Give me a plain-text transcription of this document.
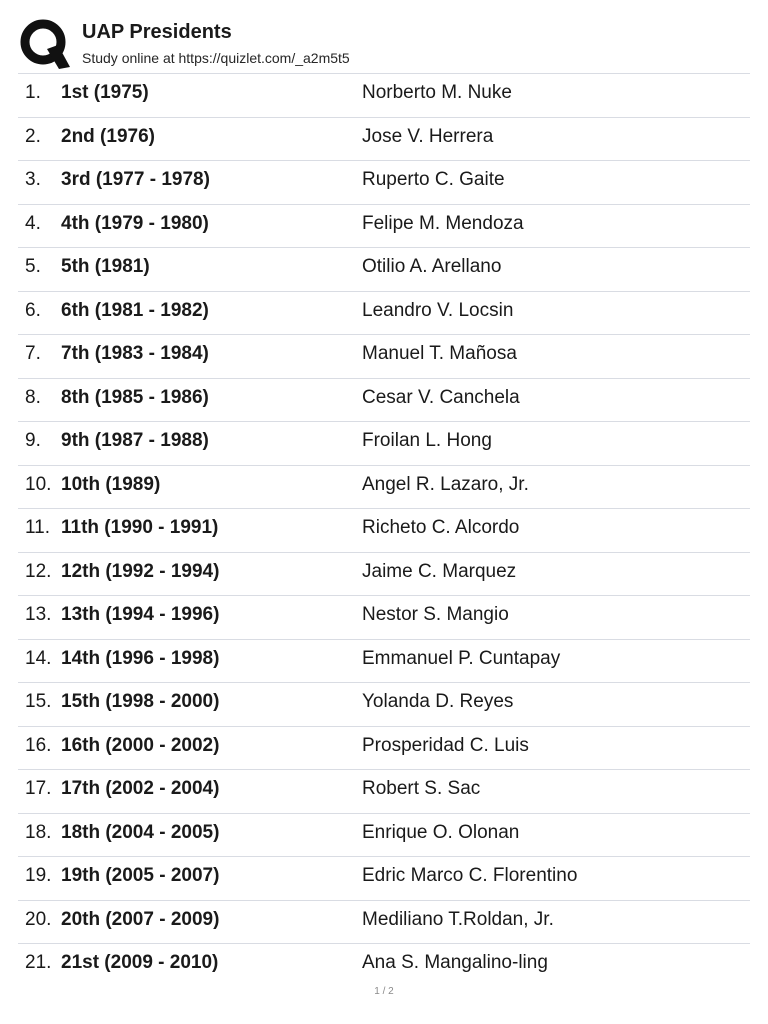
UAP Presidents
Study online at https://quizlet.com/_a2m5t5
1. 1st (1975)	Norberto M. Nuke
2. 2nd (1976)	Jose V. Herrera
3. 3rd (1977 - 1978)	Ruperto C. Gaite
4. 4th (1979 - 1980)	Felipe M. Mendoza
5. 5th (1981)	Otilio A. Arellano
6. 6th (1981 - 1982)	Leandro V. Locsin
7. 7th (1983 - 1984)	Manuel T. Mañosa
8. 8th (1985 - 1986)	Cesar V. Canchela
9. 9th (1987 - 1988)	Froilan L. Hong
10. 10th (1989)	Angel R. Lazaro, Jr.
11. 11th (1990 - 1991)	Richeto C. Alcordo
12. 12th (1992 - 1994)	Jaime C. Marquez
13. 13th (1994 - 1996)	Nestor S. Mangio
14. 14th (1996 - 1998)	Emmanuel P. Cuntapay
15. 15th (1998 - 2000)	Yolanda D. Reyes
16. 16th (2000 - 2002)	Prosperidad C. Luis
17. 17th (2002 - 2004)	Robert S. Sac
18. 18th (2004 - 2005)	Enrique O. Olonan
19. 19th (2005 - 2007)	Edric Marco C. Florentino
20. 20th (2007 - 2009)	Mediliano T.Roldan, Jr.
21. 21st (2009 - 2010)	Ana S. Mangalino-ling
1 / 2
